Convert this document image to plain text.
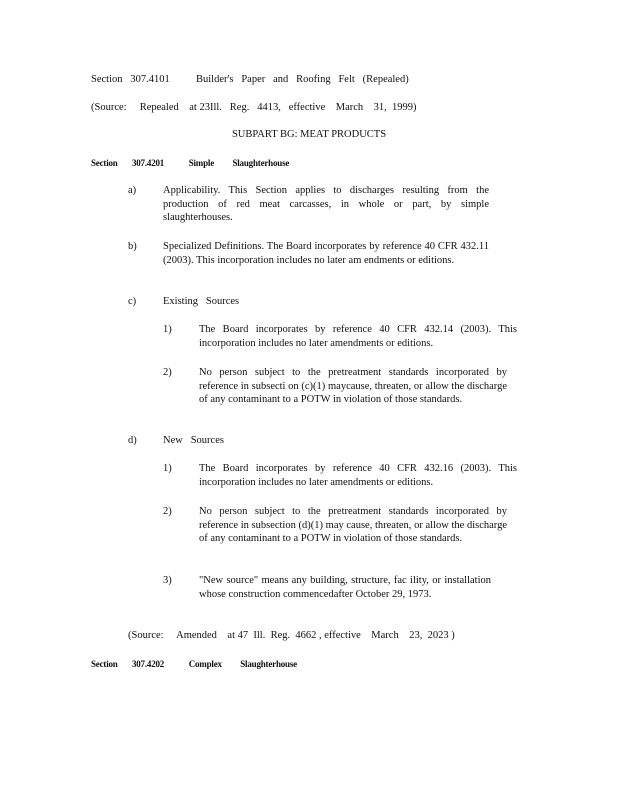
Section   307.4101          Builder's   Paper   and   Roofing   Felt   (Repealed)
(Source:     Repealed    at 23Ill.   Reg.   4413,   effective    March    31,  1999)
SUBPART BG: MEAT PRODUCTS
Section       307.4201            Simple         Slaughterhouse
a)	Applicability. This Section applies to discharges resulting from the production of red meat carcasses, in whole or part, by simple slaughterhouses.
b)	Specialized Definitions. The Board incorporates by reference 40 CFR 432.11 (2003). This incorporation includes no later am endments or editions.
c)	Existing   Sources
1)	The Board incorporates by reference 40 CFR 432.14 (2003). This incorporation includes no later amendments or editions.
2)	No person subject to the pretreatment standards incorporated by reference in subsecti on (c)(1) maycause, threaten, or allow the discharge of any contaminant to a POTW in violation of those standards.
d)	New   Sources
1)	The Board incorporates by reference 40 CFR 432.16 (2003). This incorporation includes no later amendments or editions.
2)	No person subject to the pretreatment standards incorporated by reference in subsection (d)(1) may cause, threaten, or allow the discharge of any contaminant to a POTW in violation of those standards.
3)	"New source" means any building, structure, fac ility, or installation whose construction commencedafter October 29, 1973.
(Source:     Amended    at 47  Ill.  Reg.  4662 , effective    March    23,  2023 )
Section       307.4202            Complex         Slaughterhouse
